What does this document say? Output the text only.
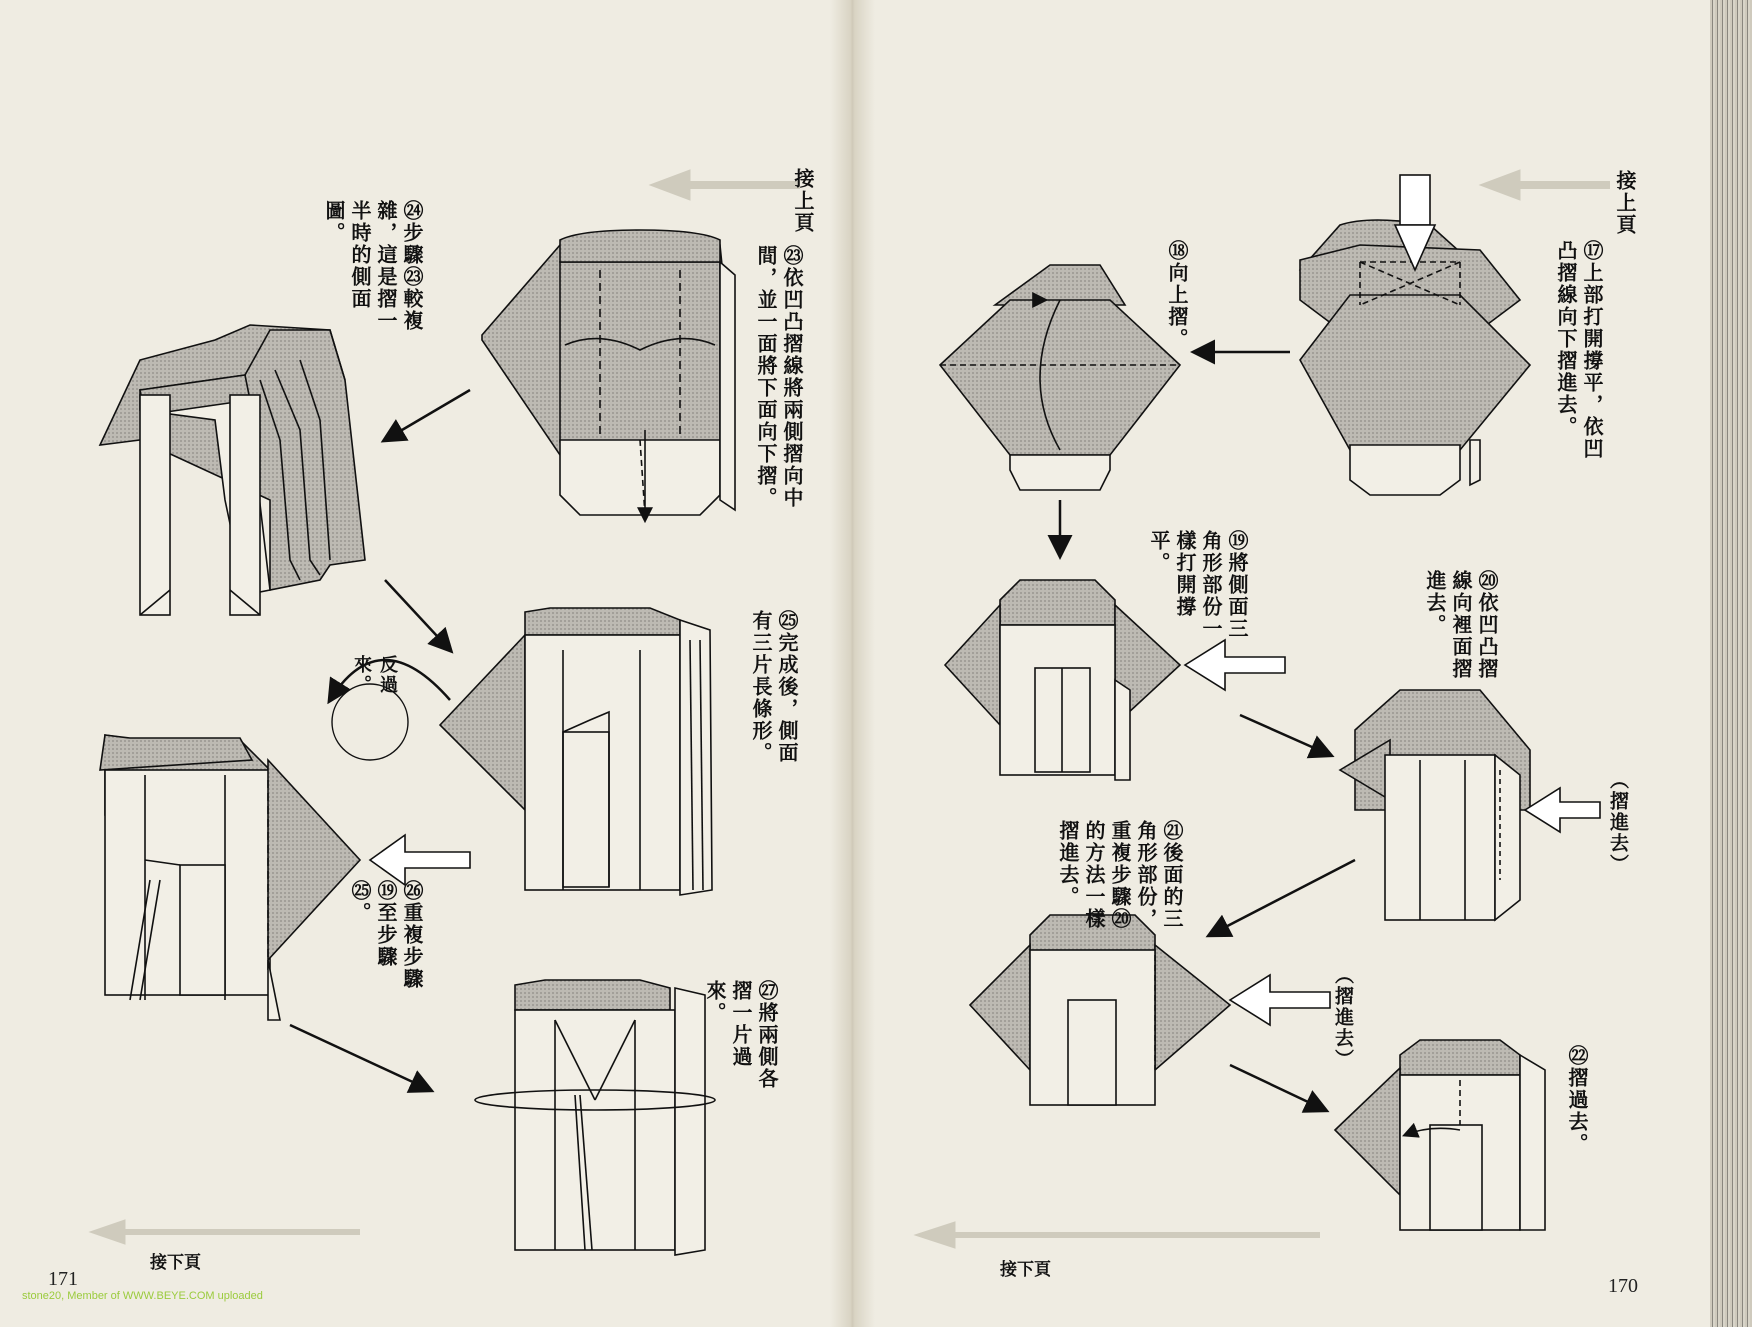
接上頁
㉓依凹凸摺線將兩側摺向中間，並一面將下面向下摺。
㉔步驟㉓較複雜，這是摺一半時的側面圖。
㉕完成後，側面有三片長條形。
㉖重複步驟⑲至步驟㉕。
㉗將兩側各摺一片過來。
反過來。
接下頁
171
stone20, Member of WWW.BEYE.COM uploaded
接上頁
⑰上部打開撐平，依凹凸摺線向下摺進去。
⑱向上摺。
⑲將側面三角形部份一樣打開撐平。
⑳依凹凸摺線向裡面摺進去。
㉑後面的三角形部份，重複步驟⑳的方法一樣摺進去。
㉒摺過去。
（摺進去）
（摺進去）
接下頁
170
